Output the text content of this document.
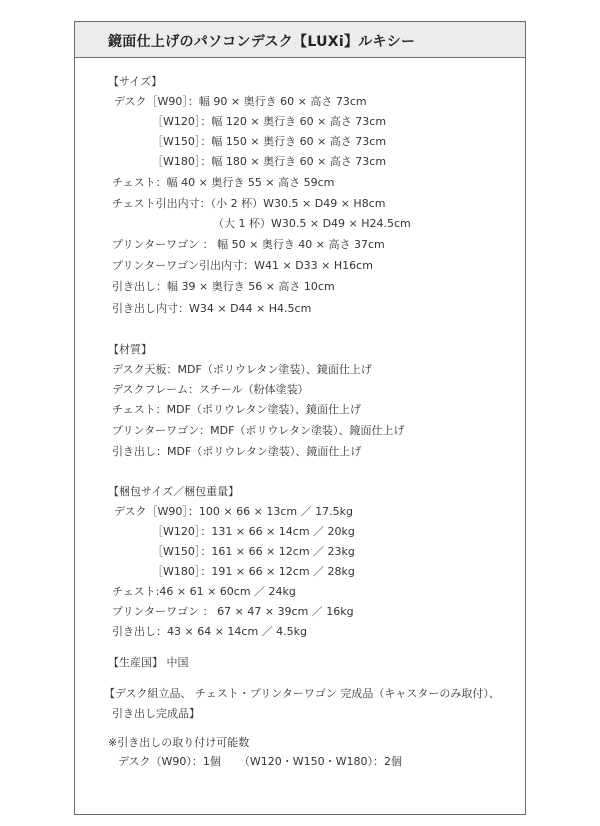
鏡面仕上げのパソコンデスク【LUXi】ルキシー
【サイズ】
デスク［W90］：幅 90 × 奥行き 60 × 高さ 73cm
［W120］：幅 120 × 奥行き 60 × 高さ 73cm
［W150］：幅 150 × 奥行き 60 × 高さ 73cm
［W180］：幅 180 × 奥行き 60 × 高さ 73cm
チェスト：幅 40 × 奥行き 55 × 高さ 59cm
チェスト引出内寸：（小 2 杯）W30.5 × D49 × H8cm
（大 1 杯）W30.5 × D49 × H24.5cm
プリンターワゴン ： 幅 50 × 奥行き 40 × 高さ 37cm
プリンターワゴン引出内寸：W41 × D33 × H16cm
引き出し：幅 39 × 奥行き 56 × 高さ 10cm
引き出し内寸：W34 × D44 × H4.5cm
【材質】
デスク天板：MDF（ポリウレタン塗装）、鏡面仕上げ
デスクフレーム：スチール（粉体塗装）
チェスト：MDF（ポリウレタン塗装）、鏡面仕上げ
プリンターワゴン：MDF（ポリウレタン塗装）、鏡面仕上げ
引き出し：MDF（ポリウレタン塗装）、鏡面仕上げ
【梱包サイズ／梱包重量】
デスク［W90］：100 × 66 × 13cm ／ 17.5kg
［W120］：131 × 66 × 14cm ／ 20kg
［W150］：161 × 66 × 12cm ／ 23kg
［W180］：191 × 66 × 12cm ／ 28kg
チェスト:46 × 61 × 60cm ／ 24kg
プリンターワゴン ： 67 × 47 × 39cm ／ 16kg
引き出し：43 × 64 × 14cm ／ 4.5kg
【生産国】 中国
【デスク組立品、 チェスト・プリンターワゴン 完成品（キャスターのみ取付）、
引き出し完成品】
※引き出しの取り付け可能数
デスク（W90）：1個 　 （W120・W150・W180）：2個
